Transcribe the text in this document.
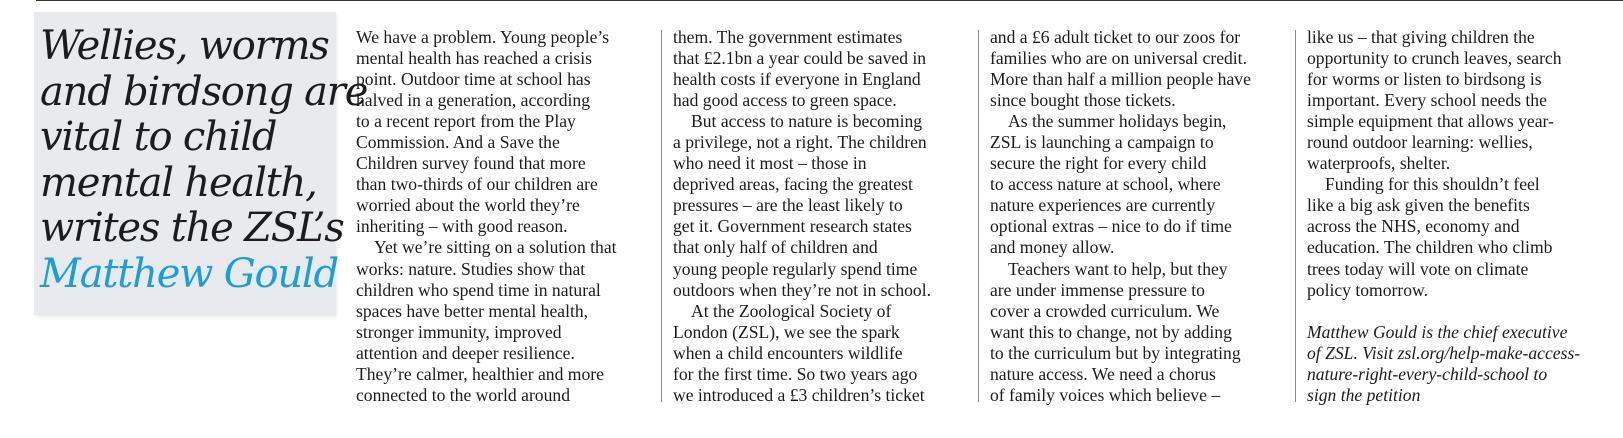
Wellies, worms
and birdsong are
vital to child
mental health,
writes the ZSL’s
Matthew Gould
We have a problem. Young people’s
mental health has reached a crisis
point. Outdoor time at school has
halved in a generation, according
to a recent report from the Play
Commission. And a Save the
Children survey found that more
than two-thirds of our children are
worried about the world they’re
inheriting – with good reason.
Yet we’re sitting on a solution that
works: nature. Studies show that
children who spend time in natural
spaces have better mental health,
stronger immunity, improved
attention and deeper resilience.
They’re calmer, healthier and more
connected to the world around
them. The government estimates
that £2.1bn a year could be saved in
health costs if everyone in England
had good access to green space.
But access to nature is becoming
a privilege, not a right. The children
who need it most – those in
deprived areas, facing the greatest
pressures – are the least likely to
get it. Government research states
that only half of children and
young people regularly spend time
outdoors when they’re not in school.
At the Zoological Society of
London (ZSL), we see the spark
when a child encounters wildlife
for the first time. So two years ago
we introduced a £3 children’s ticket
and a £6 adult ticket to our zoos for
families who are on universal credit.
More than half a million people have
since bought those tickets.
As the summer holidays begin,
ZSL is launching a campaign to
secure the right for every child
to access nature at school, where
nature experiences are currently
optional extras – nice to do if time
and money allow.
Teachers want to help, but they
are under immense pressure to
cover a crowded curriculum. We
want this to change, not by adding
to the curriculum but by integrating
nature access. We need a chorus
of family voices which believe –
like us – that giving children the
opportunity to crunch leaves, search
for worms or listen to birdsong is
important. Every school needs the
simple equipment that allows year-
round outdoor learning: wellies,
waterproofs, shelter.
Funding for this shouldn’t feel
like a big ask given the benefits
across the NHS, economy and
education. The children who climb
trees today will vote on climate
policy tomorrow.
Matthew Gould is the chief executive
of ZSL. Visit zsl.org/help-make-access-
nature-right-every-child-school to
sign the petition
